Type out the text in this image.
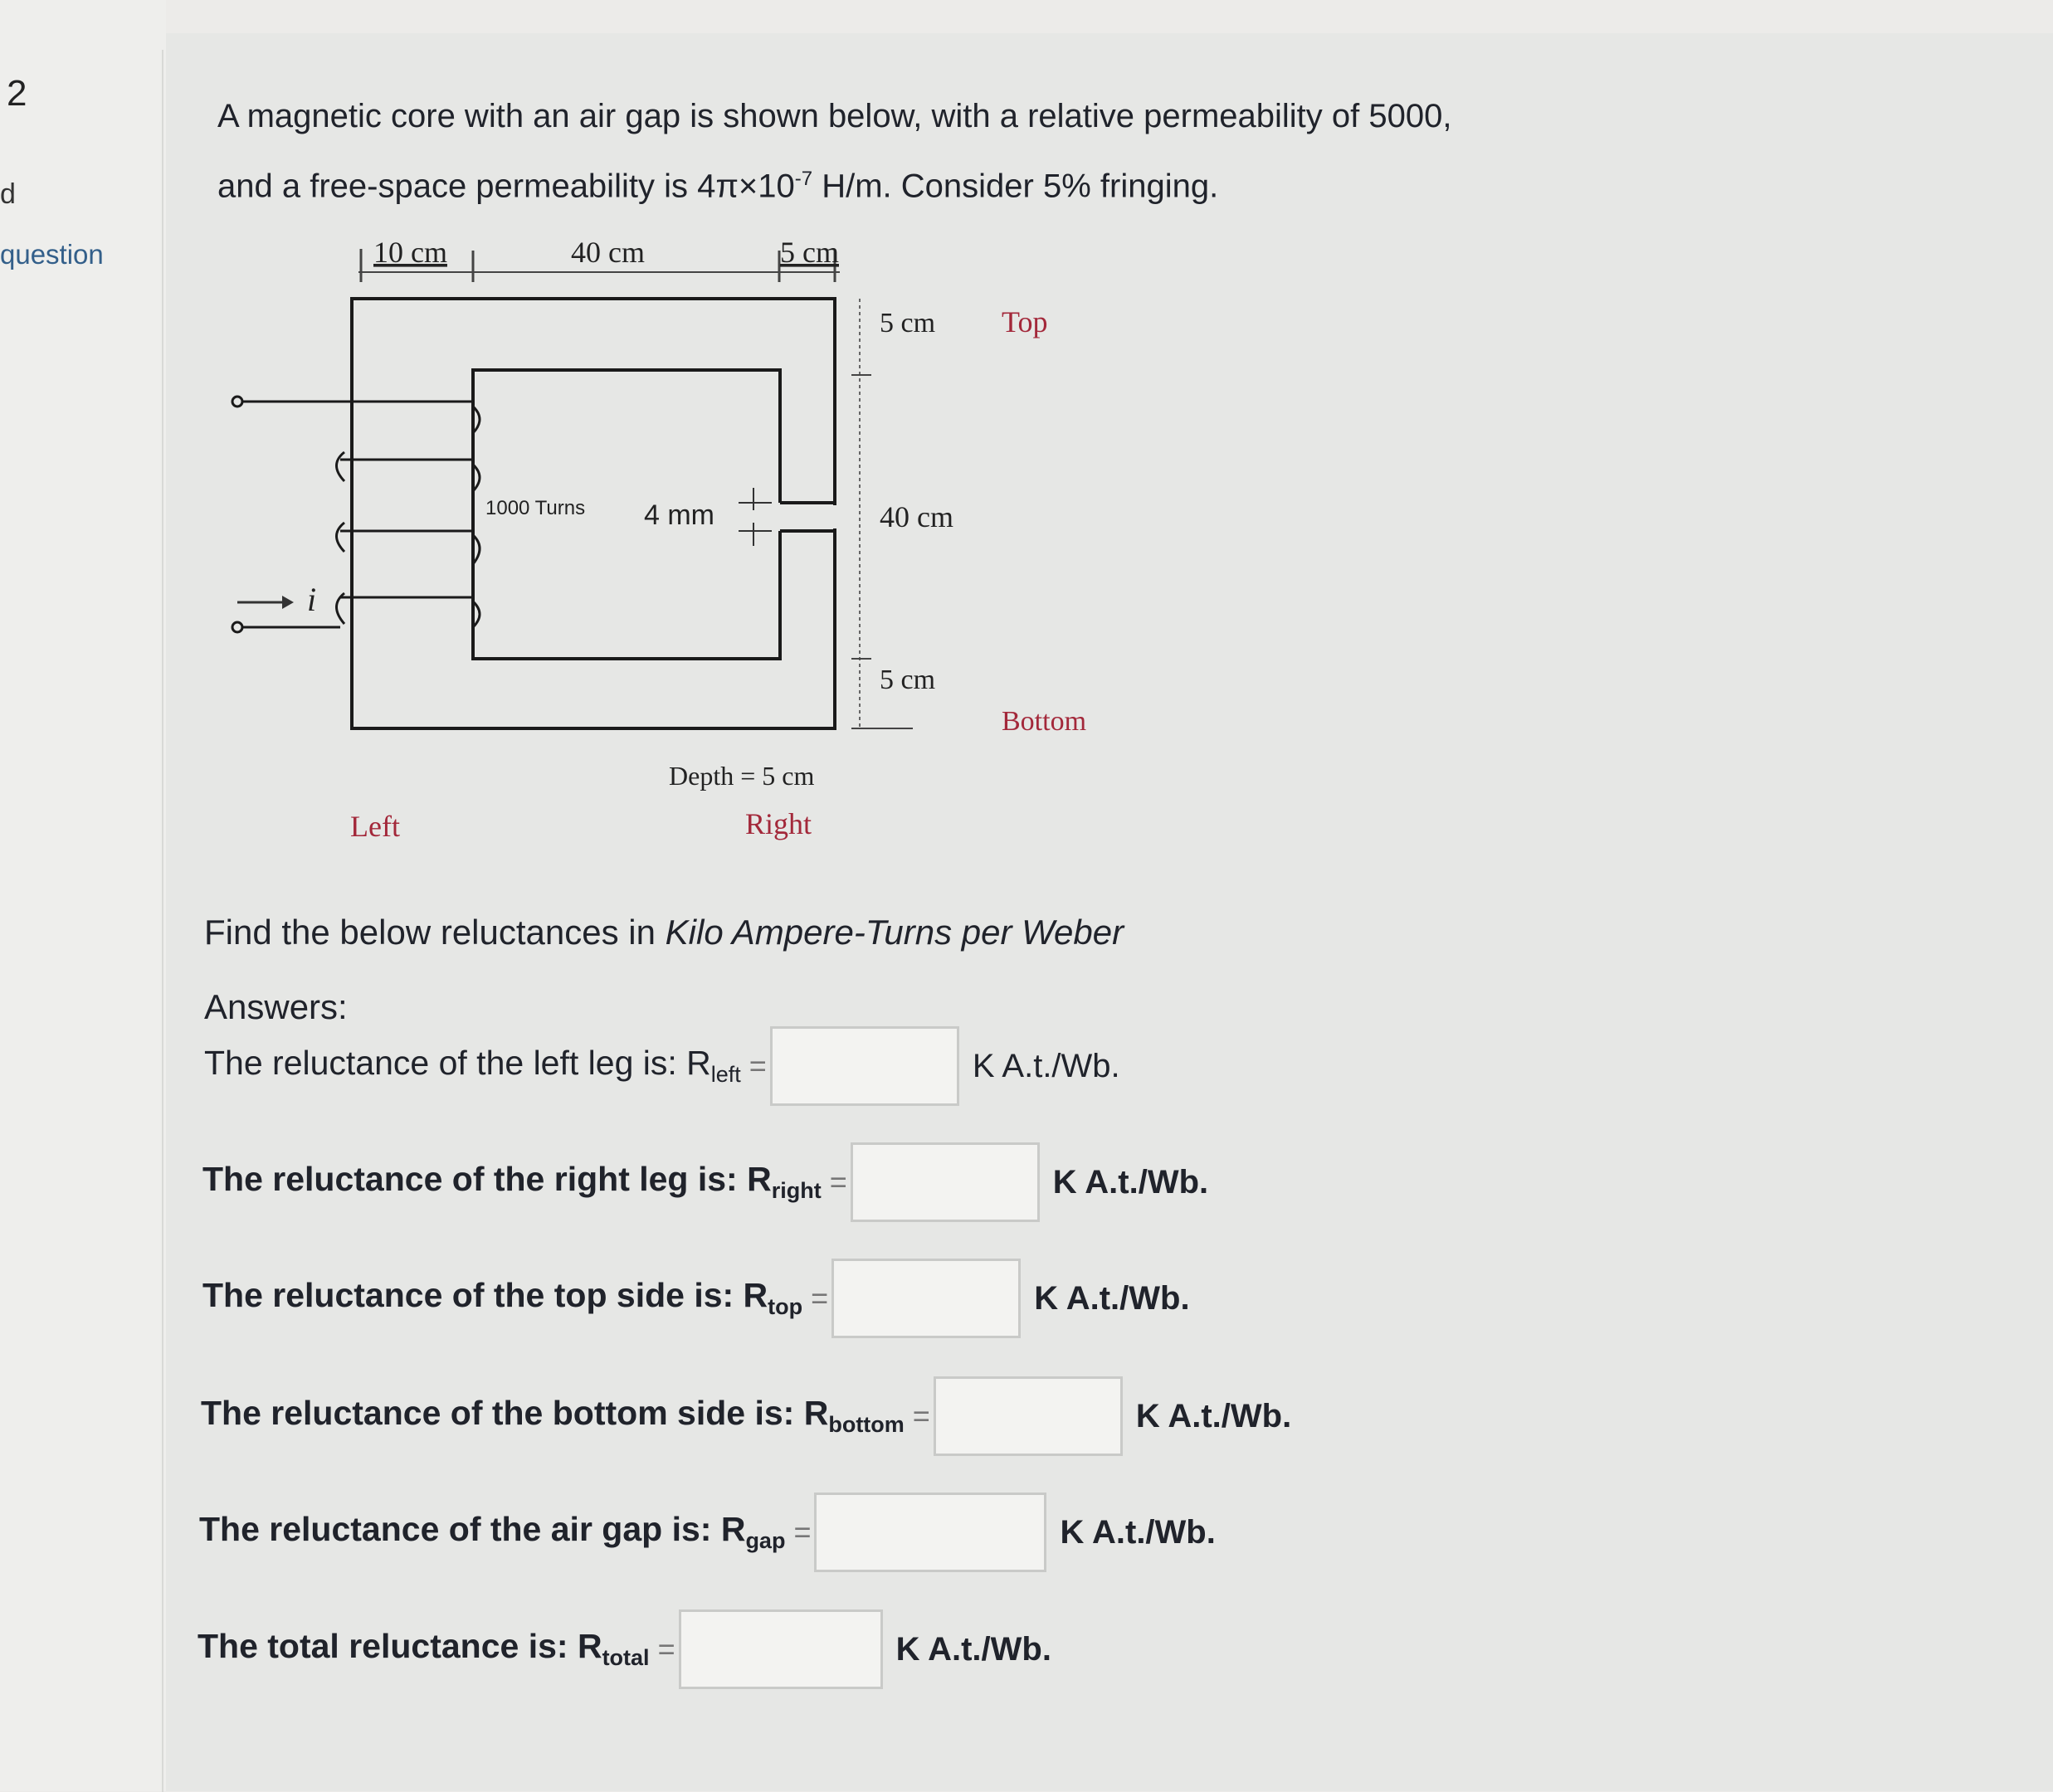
2
d
question
A magnetic core with an air gap is shown below, with a relative permeability of 5000,
and a free-space permeability is $4\pi\times 10^{-7}$ H/m. Consider 5% fringing.
10 cm	40 cm	5 cm
5 cm
40 cm
5 cm
Top
Bottom
Left	Right
4 mm
1000 Turns
i
Depth = 5 cm
Find the below reluctances in Kilo Ampere-Turns per Weber
Answers:
The reluctance of the left leg is: $R_{left}$ =	K A.t./Wb.
The reluctance of the right leg is: $R_{right}$ =	K A.t./Wb.
The reluctance of the top side is: $R_{top}$ =	K A.t./Wb.
The reluctance of the bottom side is: $R_{bottom}$ =	K A.t./Wb.
The reluctance of the air gap is: $R_{gap}$ =	K A.t./Wb.
The total reluctance is: $R_{total}$ =	K A.t./Wb.
